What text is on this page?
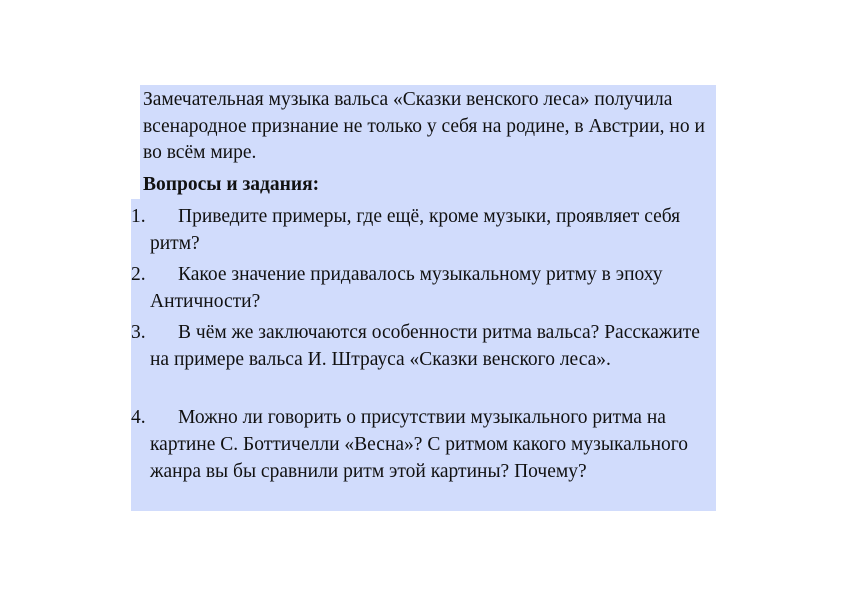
Замечательная музыка вальса «Сказки венского леса» получила всенародное признание не только у себя на родине, в Австрии, но и во всём мире.

Вопросы и задания:

1.	Приведите примеры, где ещё, кроме музыки, проявляет себя ритм?
2.	Какое значение придавалось музыкальному ритму в эпоху Античности?
3.	В чём же заключаются особенности ритма вальса? Расскажите на примере вальса И. Штрауса «Сказки венского леса».
4.	Можно ли говорить о присутствии музыкального ритма на картине С. Боттичелли «Весна»? С ритмом какого музыкального жанра вы бы сравнили ритм этой картины? Почему?
